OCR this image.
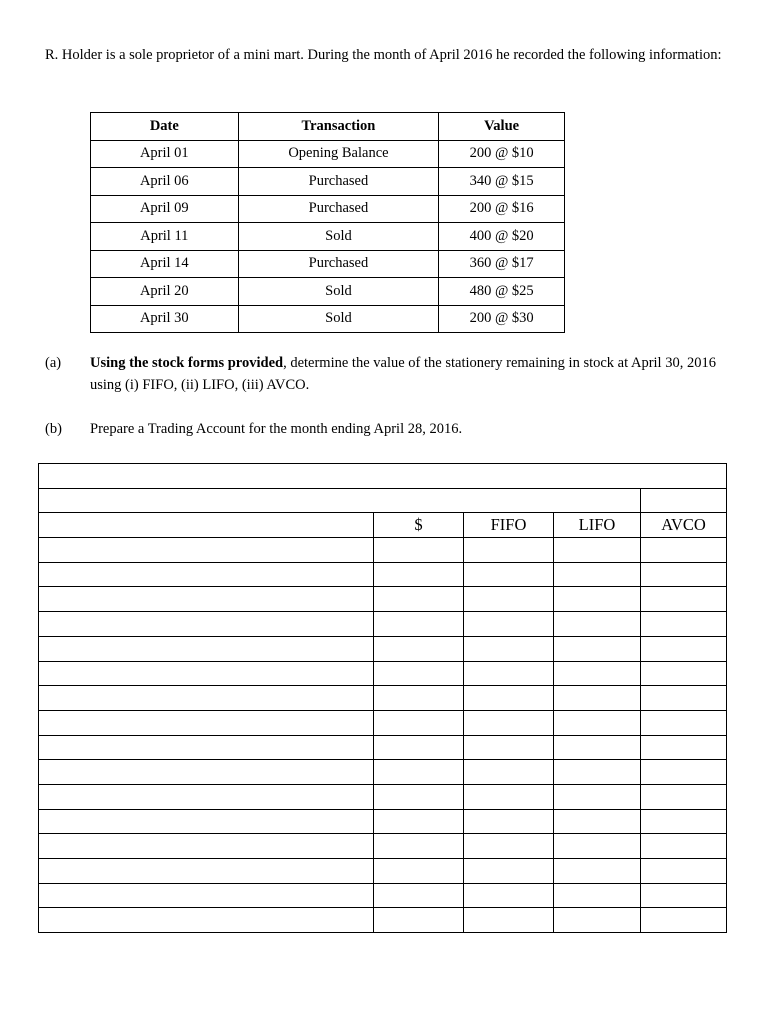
R. Holder is a sole proprietor of a mini mart. During the month of April 2016 he recorded the following information:

Date	Transaction	Value
April 01	Opening Balance	200 @ $10
April 06	Purchased	340 @ $15
April 09	Purchased	200 @ $16
April 11	Sold	400 @ $20
April 14	Purchased	360 @ $17
April 20	Sold	480 @ $25
April 30	Sold	200 @ $30
(a) Using the stock forms provided, determine the value of the stationery remaining in stock at April 30, 2016 using (i) FIFO, (ii) LIFO, (iii) AVCO.
(b) Prepare a Trading Account for the month ending April 28, 2016.

	$	FIFO	LIFO	AVCO
